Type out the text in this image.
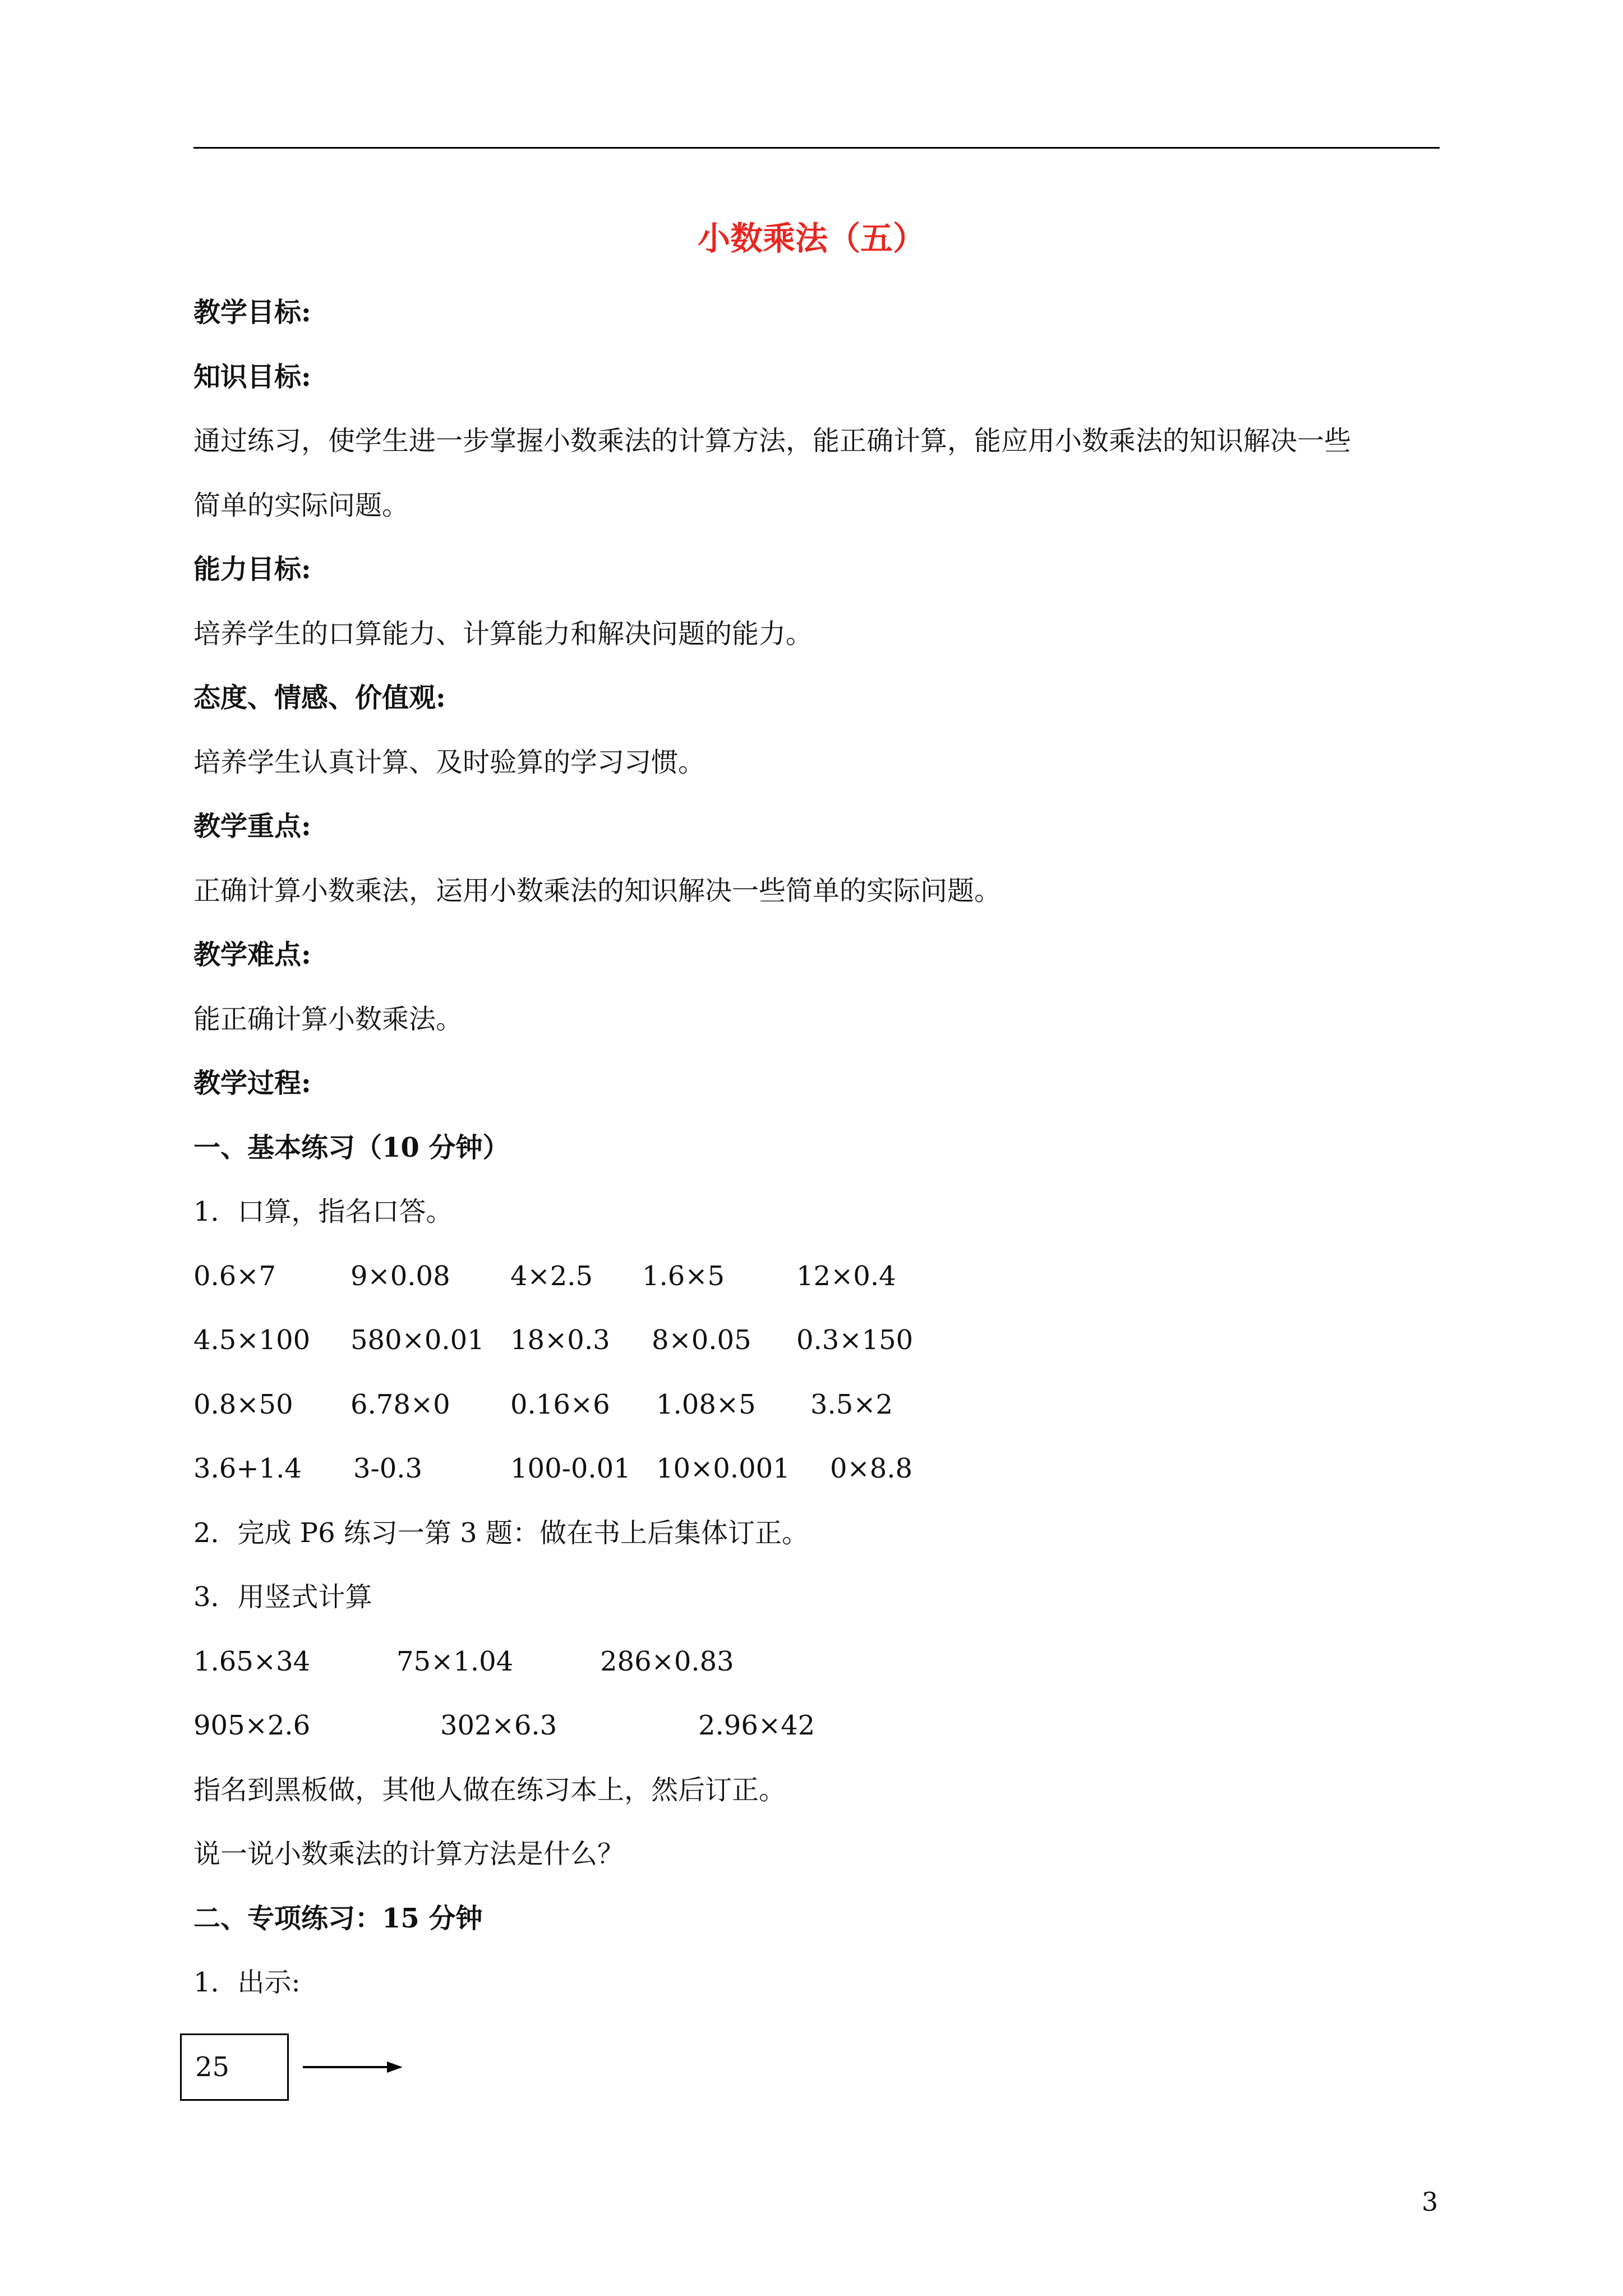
小数乘法（五）
教学目标:
知识目标:
通过练习，使学生进一步掌握小数乘法的计算方法，能正确计算，能应用小数乘法的知识解决一些
简单的实际问题。
能力目标:
培养学生的口算能力、计算能力和解决问题的能力。
态度、情感、价值观:
培养学生认真计算、及时验算的学习习惯。
教学重点:
正确计算小数乘法，运用小数乘法的知识解决一些简单的实际问题。
教学难点:
能正确计算小数乘法。
教学过程:
一、基本练习（10 分钟）
1．口算，指名口答。
0.6×7	9×0.08 4×2.5 1.6×5	12×0.4
4.5×100 580×0.01 18×0.3 8×0.05 0.3×150
0.8×50 6.78×0 0.16×6 1.08×5 3.5×2
3.6+1.4 3-0.3	100-0.01 10×0.001 0×8.8
2．完成 P6 练习一第 3 题：做在书上后集体订正。
3．用竖式计算
1.65×34	75×1.04	286×0.83
905×2.6	302×6.3	2.96×42
指名到黑板做，其他人做在练习本上，然后订正。
说一说小数乘法的计算方法是什么？
二、专项练习：15 分钟
1．出示:
25
3
